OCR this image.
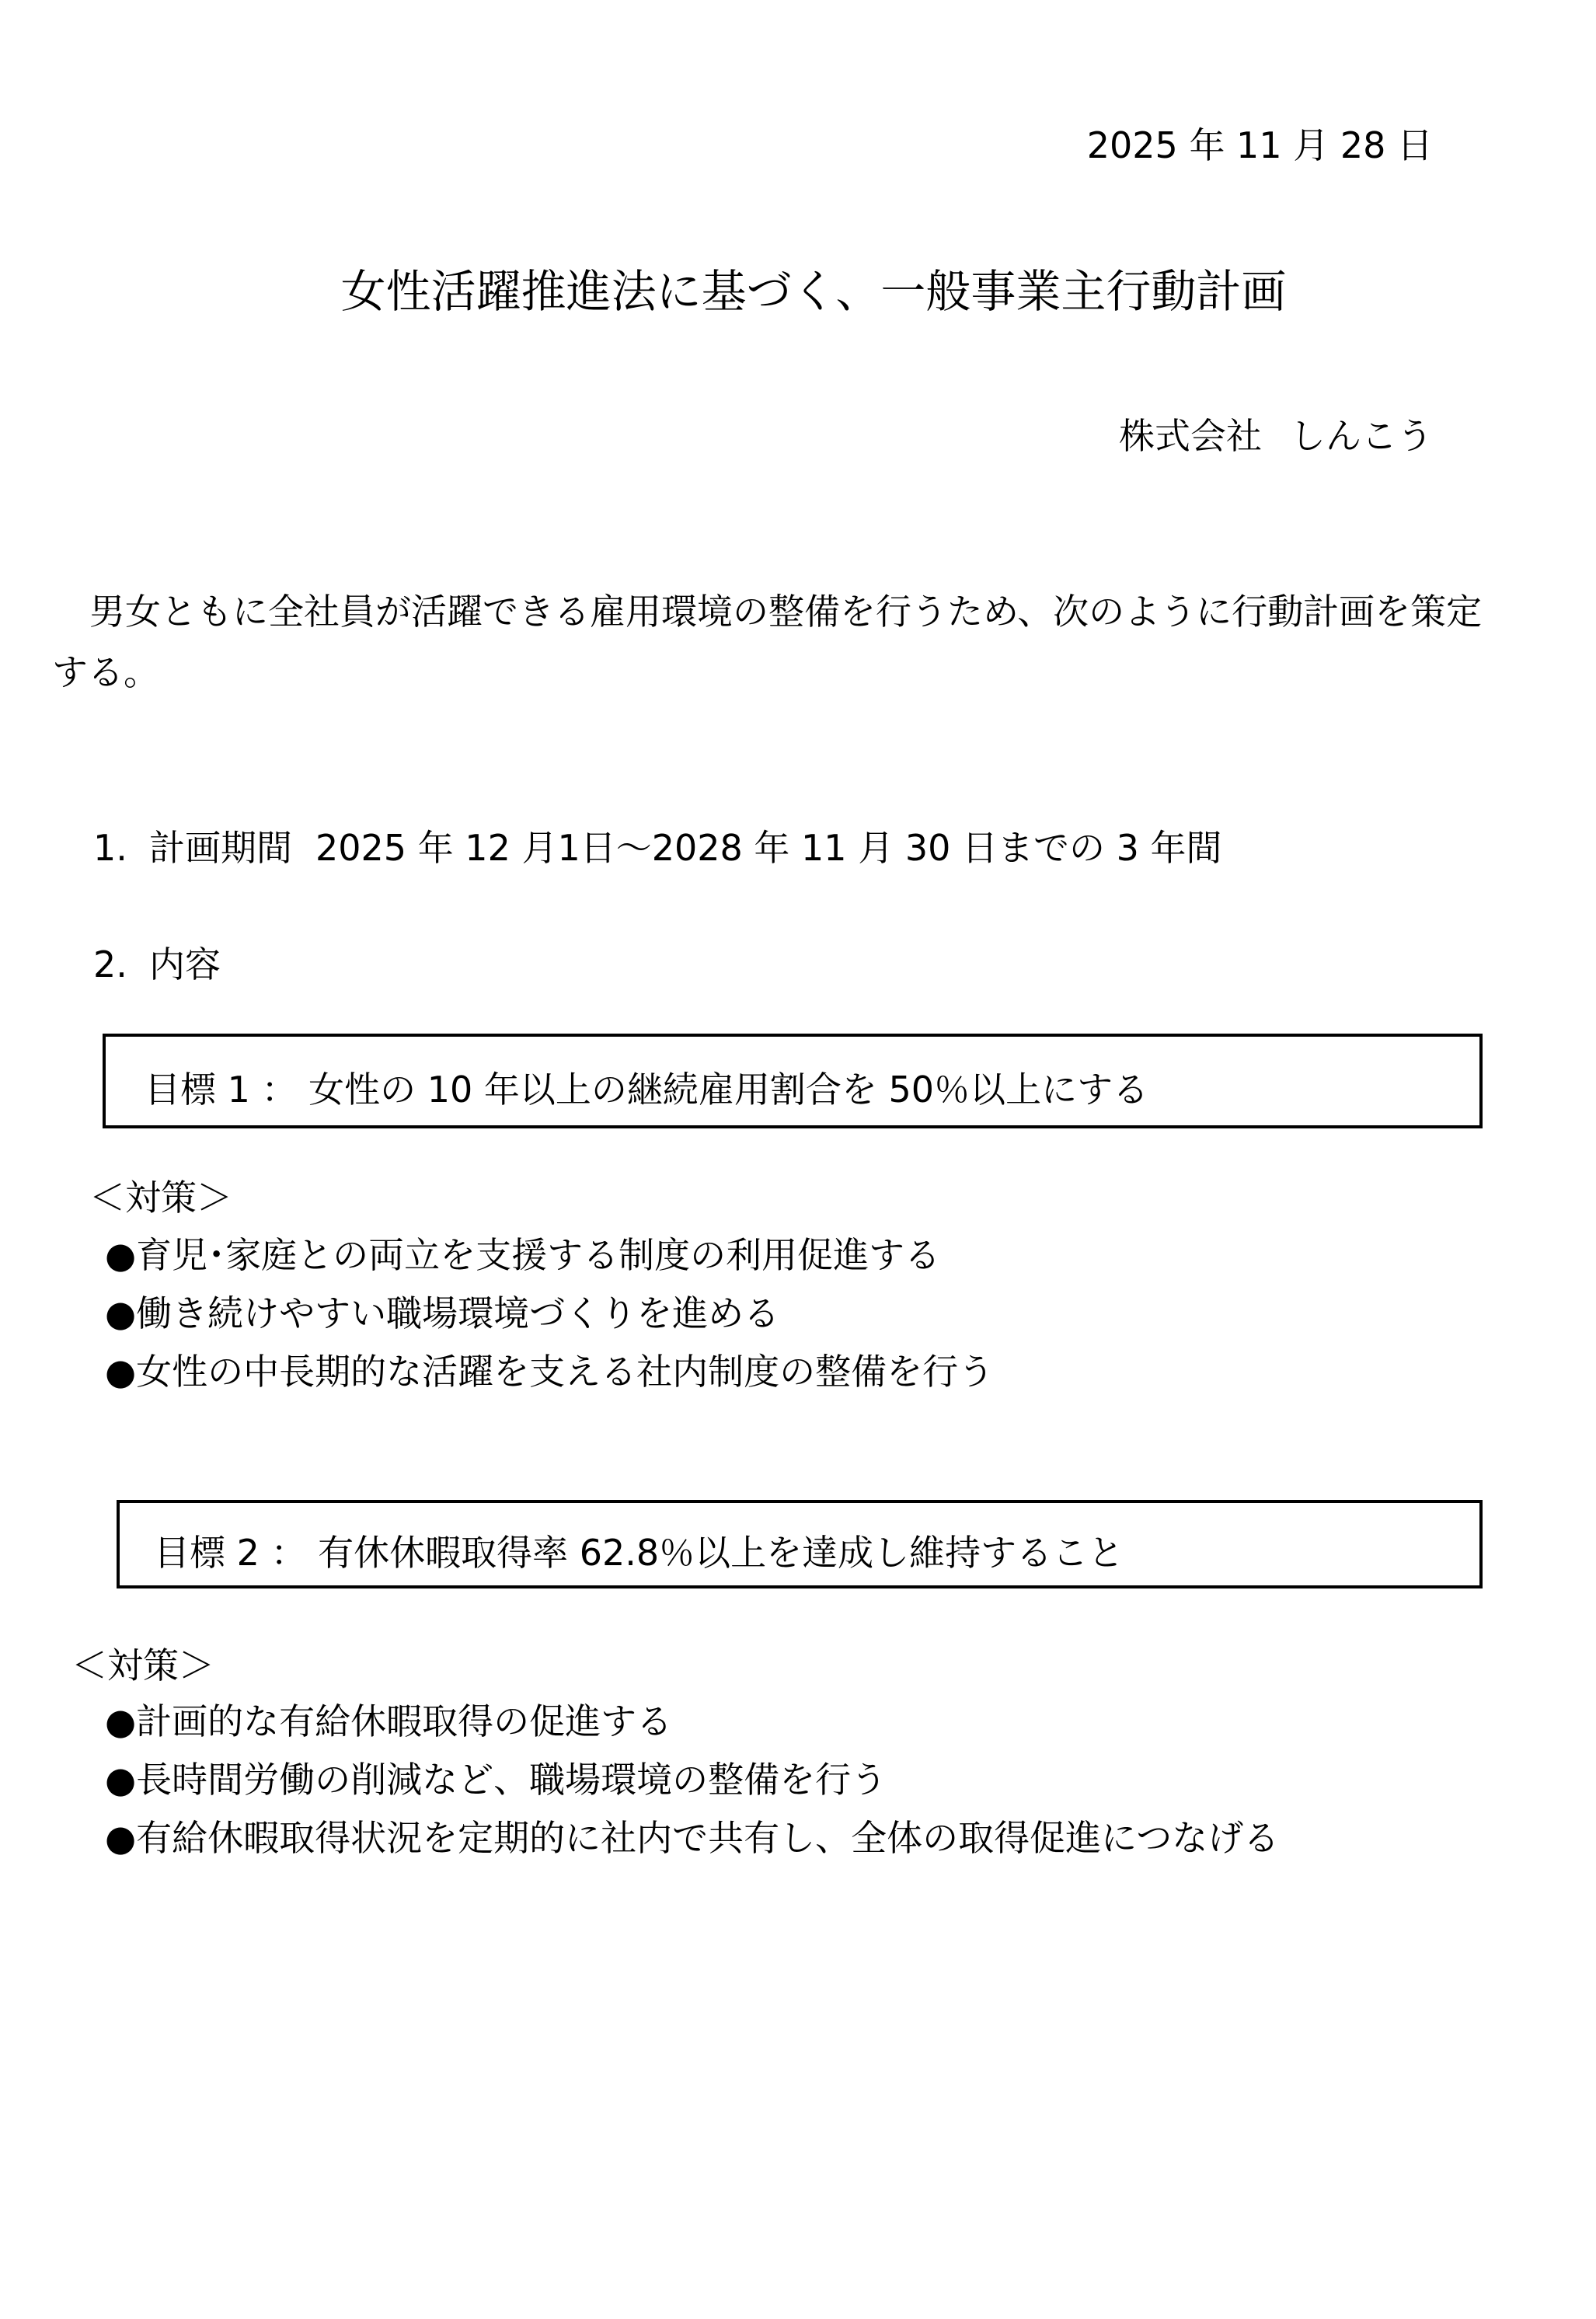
2025 年 11 月 28 日
女性活躍推進法に基づく、一般事業主行動計画
株式会社 しんこう
男女ともに全社員が活躍できる雇用環境の整備を行うため、次のように行動計画を策定
する。
1. 計画期間 2025 年 12 月1日～2028 年 11 月 30 日までの 3 年間
2. 内容
目標 1 ： 女性の 10 年以上の継続雇用割合を 50％以上にする
＜対策＞
●育児･家庭との両立を支援する制度の利用促進する
●働き続けやすい職場環境づくりを進める
●女性の中長期的な活躍を支える社内制度の整備を行う
目標 2 ： 有休休暇取得率 62.8％以上を達成し維持すること
＜対策＞
●計画的な有給休暇取得の促進する
●長時間労働の削減など、職場環境の整備を行う
●有給休暇取得状況を定期的に社内で共有し、全体の取得促進につなげる
